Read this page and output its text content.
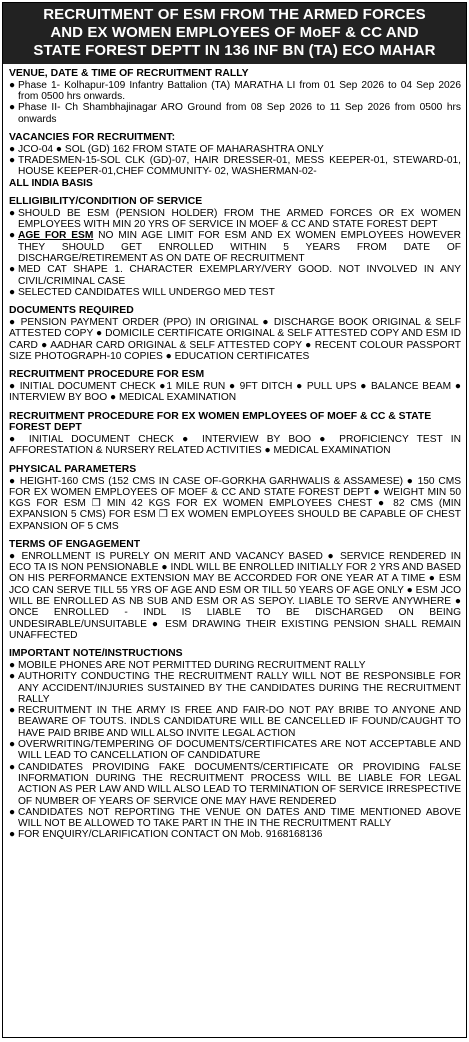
RECRUITMENT OF ESM FROM THE ARMED FORCES
AND EX WOMEN EMPLOYEES OF MoEF & CC AND
STATE FOREST DEPTT IN 136 INF BN (TA) ECO MAHAR
VENUE, DATE & TIME OF RECRUITMENT RALLY
● Phase 1- Kolhapur-109 Infantry Battalion (TA) MARATHA LI from 01 Sep 2026 to 04 Sep 2026 from 0500 hrs onwards.
● Phase II- Ch Shambhajinagar ARO Ground from 08 Sep 2026 to 11 Sep 2026 from 0500 hrs onwards
VACANCIES FOR RECRUITMENT:
● JCO-04 ● SOL (GD) 162 FROM STATE OF MAHARASHTRA ONLY
● TRADESMEN-15-SOL CLK (GD)-07, HAIR DRESSER-01, MESS KEEPER-01, STEWARD-01, HOUSE KEEPER-01,CHEF COMMUNITY- 02, WASHERMAN-02-
ALL INDIA BASIS
ELLIGIBILITY/CONDITION OF SERVICE
● SHOULD BE ESM (PENSION HOLDER) FROM THE ARMED FORCES OR EX WOMEN EMPLOYEES WITH MIN 20 YRS OF SERVICE IN MOEF & CC AND STATE FOREST DEPT
● AGE FOR ESM NO MIN AGE LIMIT FOR ESM AND EX WOMEN EMPLOYEES HOWEVER THEY SHOULD GET ENROLLED WITHIN 5 YEARS FROM DATE OF DISCHARGE/RETIREMENT AS ON DATE OF RECRUITMENT
● MED CAT SHAPE 1. CHARACTER EXEMPLARY/VERY GOOD. NOT INVOLVED IN ANY CIVIL/CRIMINAL CASE
● SELECTED CANDIDATES WILL UNDERGO MED TEST
DOCUMENTS REQUIRED
● PENSION PAYMENT ORDER (PPO) IN ORIGINAL ● DISCHARGE BOOK ORIGINAL & SELF ATTESTED COPY ● DOMICILE CERTIFICATE ORIGINAL & SELF ATTESTED COPY AND ESM ID CARD ● AADHAR CARD ORIGINAL & SELF ATTESTED COPY ● RECENT COLOUR PASSPORT SIZE PHOTOGRAPH-10 COPIES ● EDUCATION CERTIFICATES
RECRUITMENT PROCEDURE FOR ESM
● INITIAL DOCUMENT CHECK ●1 MILE RUN ● 9FT DITCH ● PULL UPS ● BALANCE BEAM ● INTERVIEW BY BOO ● MEDICAL EXAMINATION
RECRUITMENT PROCEDURE FOR EX WOMEN EMPLOYEES OF MOEF & CC & STATE FOREST DEPT
● INITIAL DOCUMENT CHECK ● INTERVIEW BY BOO ● PROFICIENCY TEST IN AFFORESTATION & NURSERY RELATED ACTIVITIES ● MEDICAL EXAMINATION
PHYSICAL PARAMETERS
● HEIGHT-160 CMS (152 CMS IN CASE OF-GORKHA GARHWALIS & ASSAMESE) ● 150 CMS FOR EX WOMEN EMPLOYEES OF MOEF & CC AND STATE FOREST DEPT ● WEIGHT MIN 50 KGS FOR ESM ❒ MIN 42 KGS FOR EX WOMEN EMPLOYEES CHEST ● 82 CMS (MIN EXPANSION 5 CMS) FOR ESM ❒ EX WOMEN EMPLOYEES SHOULD BE CAPABLE OF CHEST EXPANSION OF 5 CMS
TERMS OF ENGAGEMENT
● ENROLLMENT IS PURELY ON MERIT AND VACANCY BASED ● SERVICE RENDERED IN ECO TA IS NON PENSIONABLE ● INDL WILL BE ENROLLED INITIALLY FOR 2 YRS AND BASED ON HIS PERFORMANCE EXTENSION MAY BE ACCORDED FOR ONE YEAR AT A TIME ● ESM JCO CAN SERVE TILL 55 YRS OF AGE AND ESM OR TILL 50 YEARS OF AGE ONLY ● ESM JCO WILL BE ENROLLED AS NB SUB AND ESM OR AS SEPOY. LIABLE TO SERVE ANYWHERE ● ONCE ENROLLED - INDL IS LIABLE TO BE DISCHARGED ON BEING UNDESIRABLE/UNSUITABLE ● ESM DRAWING THEIR EXISTING PENSION SHALL REMAIN UNAFFECTED
IMPORTANT NOTE/INSTRUCTIONS
● MOBILE PHONES ARE NOT PERMITTED DURING RECRUITMENT RALLY
● AUTHORITY CONDUCTING THE RECRUITMENT RALLY WILL NOT BE RESPONSIBLE FOR ANY ACCIDENT/INJURIES SUSTAINED BY THE CANDIDATES DURING THE RECRUITMENT RALLY
● RECRUITMENT IN THE ARMY IS FREE AND FAIR-DO NOT PAY BRIBE TO ANYONE AND BEAWARE OF TOUTS. INDLS CANDIDATURE WILL BE CANCELLED IF FOUND/CAUGHT TO HAVE PAID BRIBE AND WILL ALSO INVITE LEGAL ACTION
● OVERWRITING/TEMPERING OF DOCUMENTS/CERTIFICATES ARE NOT ACCEPTABLE AND WILL LEAD TO CANCELLATION OF CANDIDATURE
● CANDIDATES PROVIDING FAKE DOCUMENTS/CERTIFICATE OR PROVIDING FALSE INFORMATION DURING THE RECRUITMENT PROCESS WILL BE LIABLE FOR LEGAL ACTION AS PER LAW AND WILL ALSO LEAD TO TERMINATION OF SERVICE IRRESPECTIVE OF NUMBER OF YEARS OF SERVICE ONE MAY HAVE RENDERED
● CANDIDATES NOT REPORTING THE VENUE ON DATES AND TIME MENTIONED ABOVE WILL NOT BE ALLOWED TO TAKE PART IN THE IN THE RECRUITMENT RALLY
● FOR ENQUIRY/CLARIFICATION CONTACT ON Mob. 9168168136
